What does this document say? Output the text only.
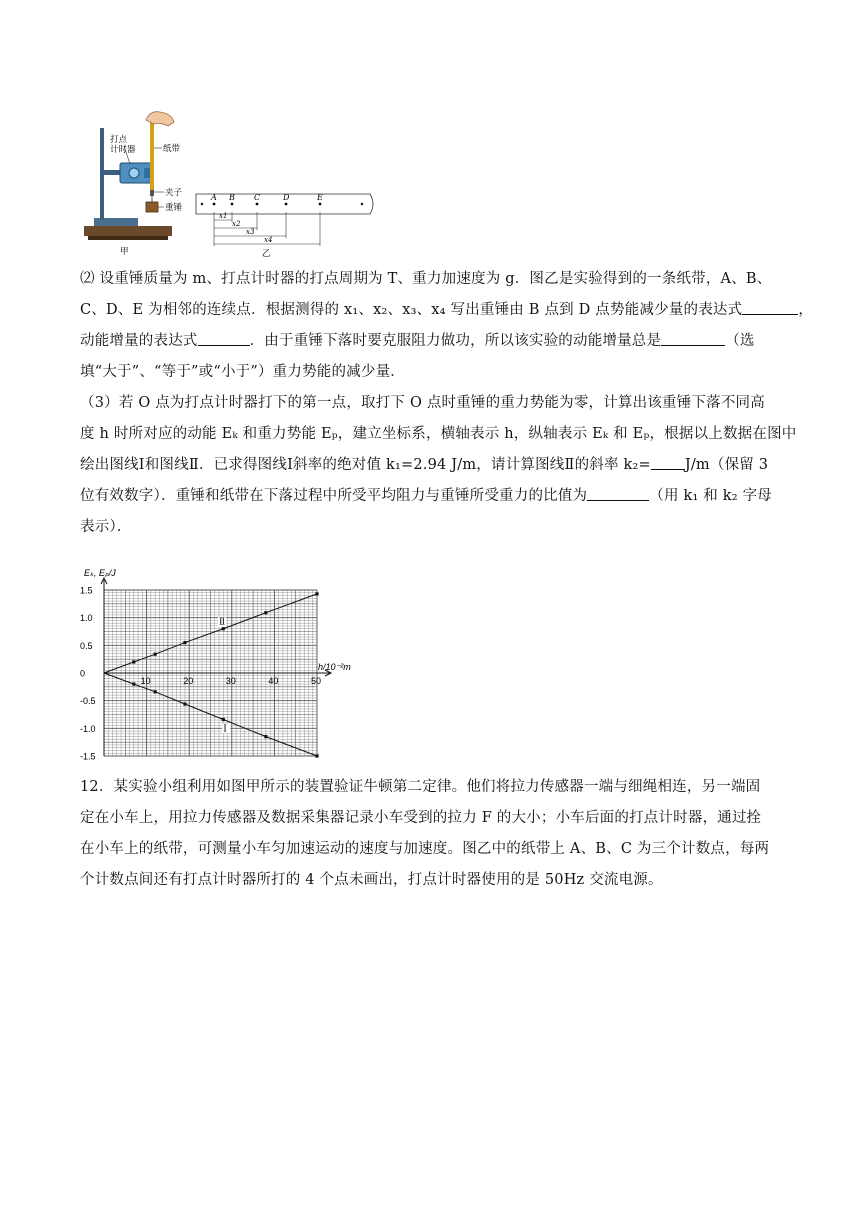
打点
计时器	纸带
夹子
重锤
甲
A B C	D	E
x1
x2
x3
x4
乙
⑵ 设重锤质量为 m、打点计时器的打点周期为 T、重力加速度为 g．图乙是实验得到的一条纸带，A、B、
C、D、E 为相邻的连续点．根据测得的 x₁、x₂、x₃、x₄ 写出重锤由 B 点到 D 点势能减少量的表达式	，
动能增量的表达式	．由于重锤下落时要克服阻力做功，所以该实验的动能增量总是	（选
填“大于”、“等于”或“小于”）重力势能的减少量．
（3）若 O 点为打点计时器打下的第一点，取打下 O 点时重锤的重力势能为零，计算出该重锤下落不同高
度 h 时所对应的动能 Eₖ 和重力势能 Eₚ，建立坐标系，横轴表示 h，纵轴表示 Eₖ 和 Eₚ，根据以上数据在图中
绘出图线Ⅰ和图线Ⅱ．已求得图线Ⅰ斜率的绝对值 k₁=2.94 J/m，请计算图线Ⅱ的斜率 k₂= J/m（保留 3
位有效数字）．重锤和纸带在下落过程中所受平均阻力与重锤所受重力的比值为	（用 k₁ 和 k₂ 字母
表示）．
Ⅱ
Ⅰ
1.5
1.0
0.5
0
-0.5
-1.0
-1.5
10	20	30	40	50
Eₖ, Eₚ/J
h/10⁻²m
12．某实验小组利用如图甲所示的装置验证牛顿第二定律。他们将拉力传感器一端与细绳相连，另一端固
定在小车上，用拉力传感器及数据采集器记录小车受到的拉力 F 的大小；小车后面的打点计时器，通过拴
在小车上的纸带，可测量小车匀加速运动的速度与加速度。图乙中的纸带上 A、B、C 为三个计数点，每两
个计数点间还有打点计时器所打的 4 个点未画出，打点计时器使用的是 50Hz 交流电源。
